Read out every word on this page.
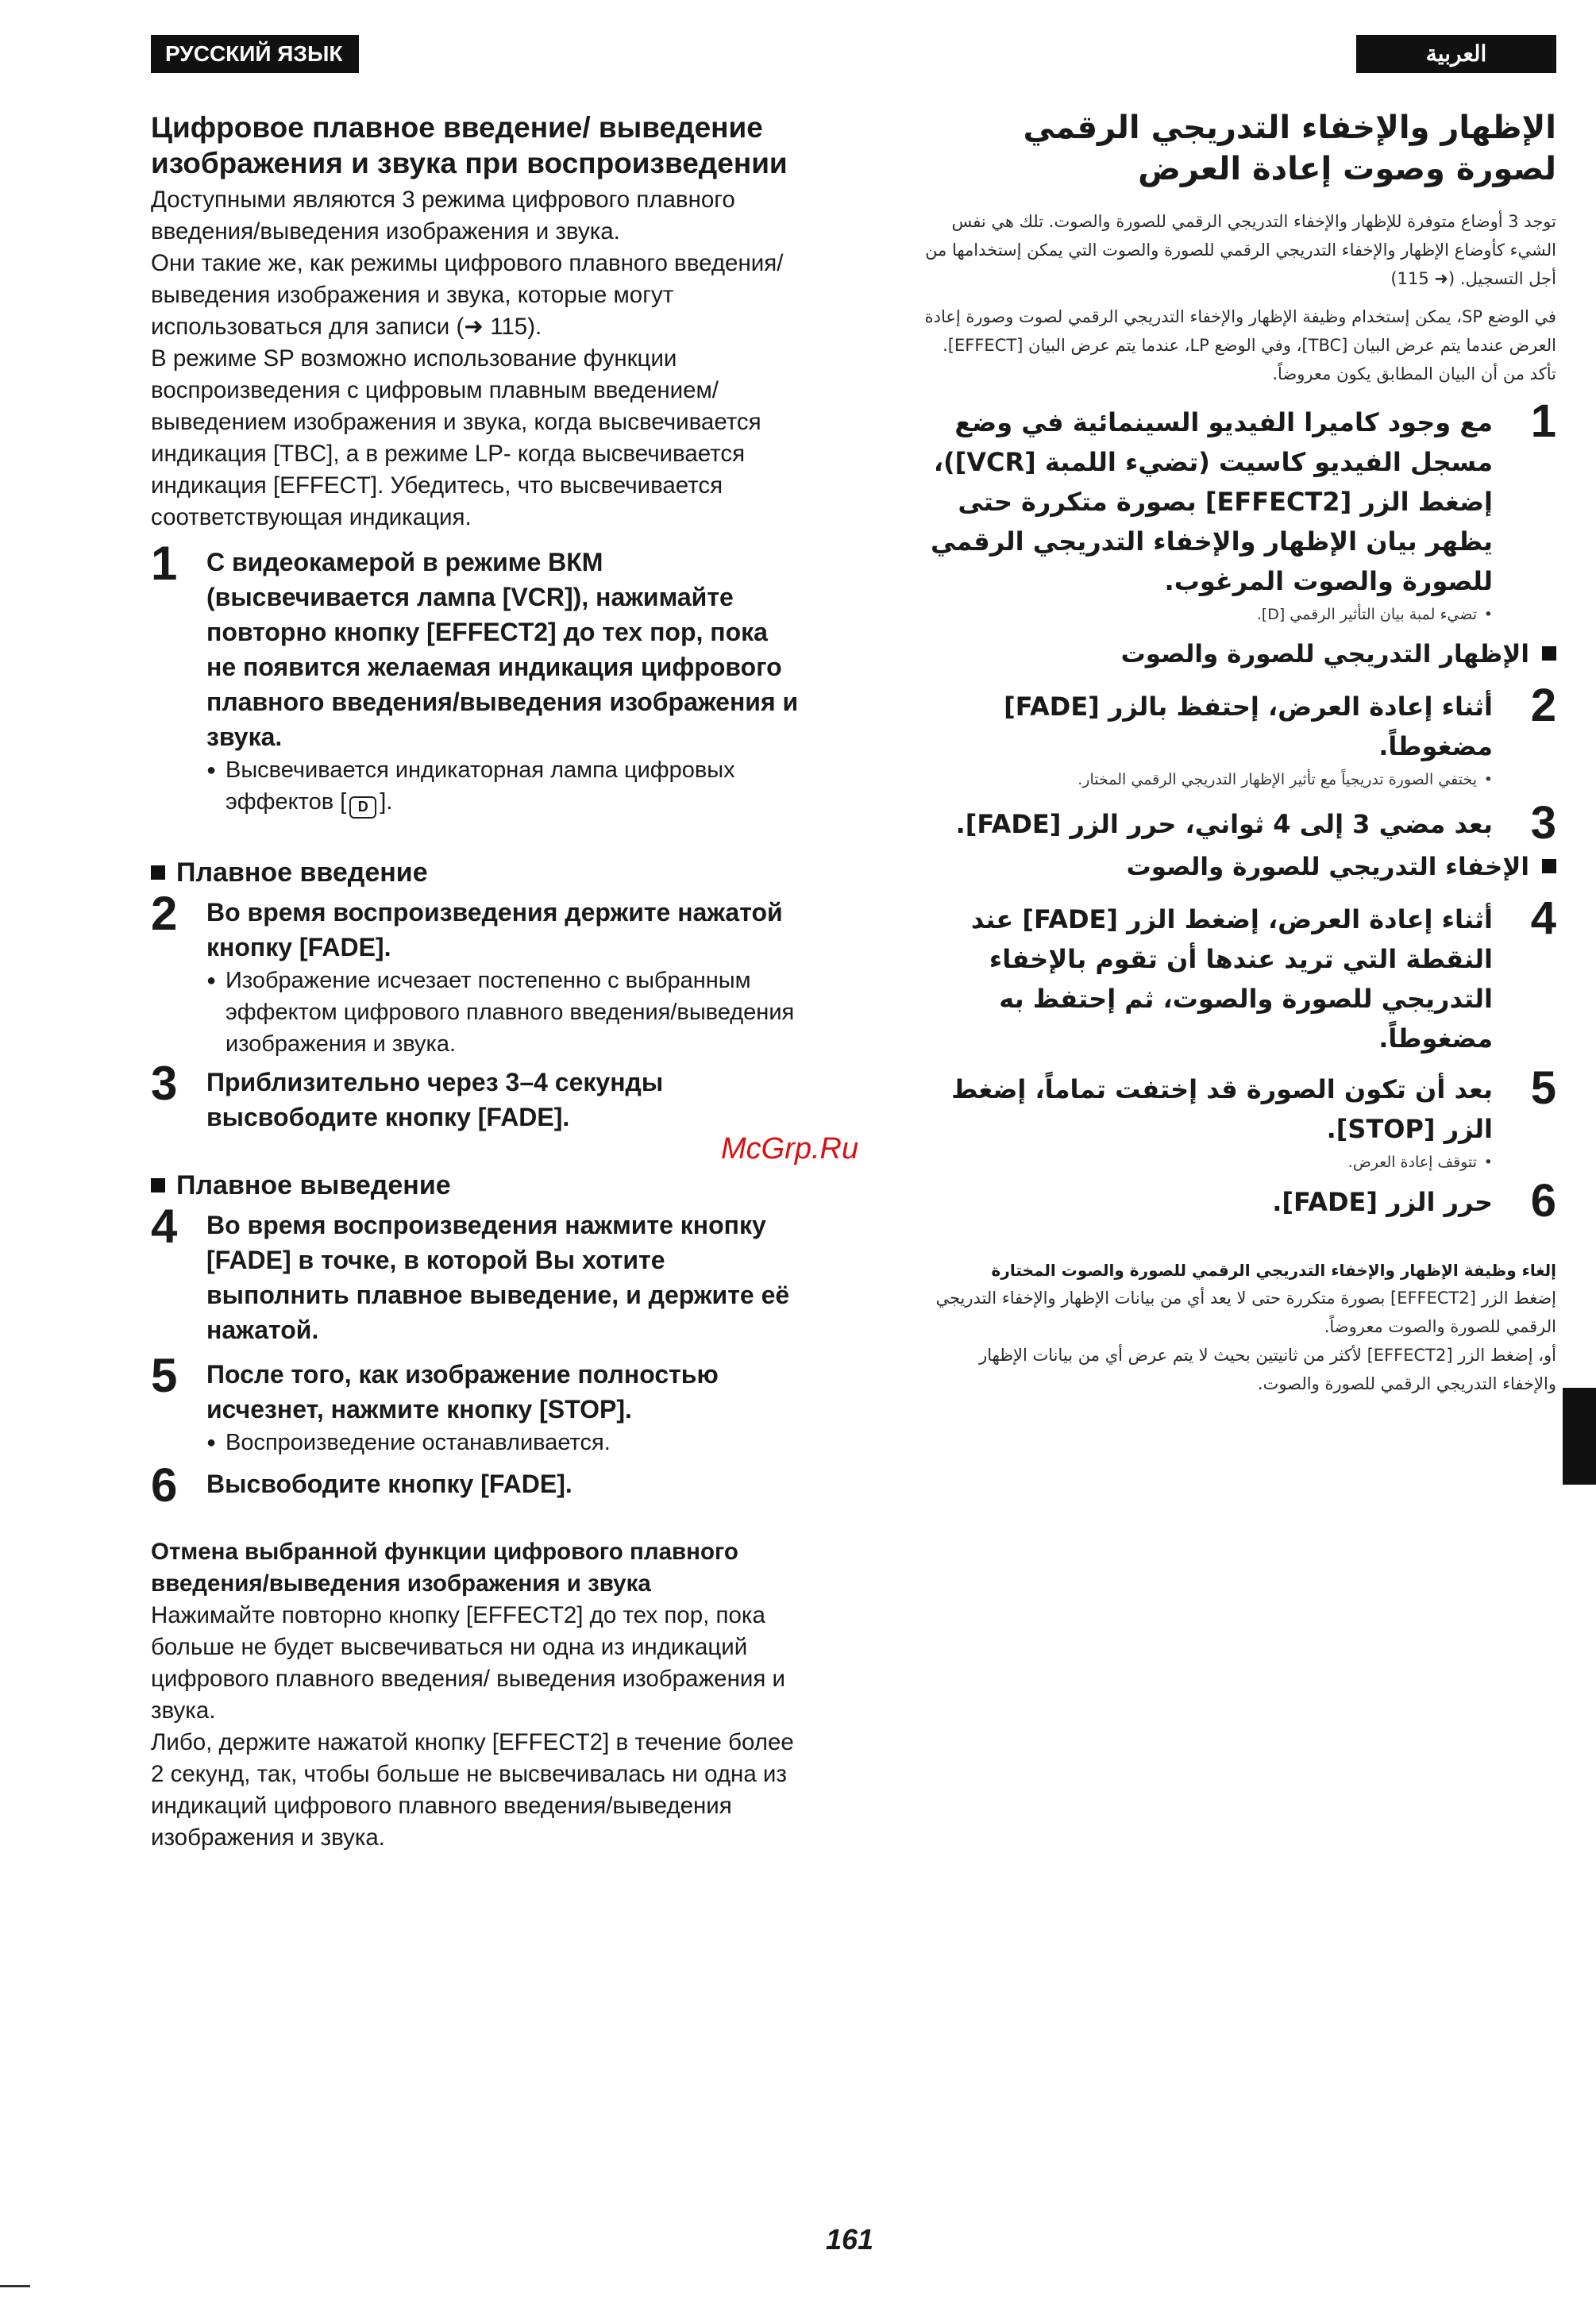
РУССКИЙ ЯЗЫК	العربية
Цифровое плавное введение/ выведение изображения и звука при воспроизведении

Доступными являются 3 режима цифрового плавного введения/выведения изображения и звука.

Они такие же, как режимы цифрового плавного введения/выведения изображения и звука, которые могут использоваться для записи (➜ 115).

В режиме SP возможно использование функции воспроизведения с цифровым плавным введением/ выведением изображения и звука, когда высвечивается индикация [TBC], а в режиме LP- когда высвечивается индикация [EFFECT]. Убедитесь, что высвечивается соответствующая индикация.

1 С видеокамерой в режиме ВКМ (высвечивается лампа [VCR]), нажимайте повторно кнопку [EFFECT2] до тех пор, пока не появится желаемая индикация цифрового плавного введения/выведения изображения и звука.
● Высвечивается индикаторная лампа цифровых эффектов [ D ].

Плавное введение

2 Во время воспроизведения держите нажатой кнопку [FADE].
● Изображение исчезает постепенно с выбранным эффектом цифрового плавного введения/выведения изображения и звука.
3 Приблизительно через 3–4 секунды высвободите кнопку [FADE].

Плавное выведение

4 Во время воспроизведения нажмите кнопку [FADE] в точке, в которой Вы хотите выполнить плавное выведение, и держите её нажатой.
5 После того, как изображение полностью исчезнет, нажмите кнопку [STOP].
● Воспроизведение останавливается.
6 Высвободите кнопку [FADE].

Отмена выбранной функции цифрового плавного введения/выведения изображения и звука

Нажимайте повторно кнопку [EFFECT2] до тех пор, пока больше не будет высвечиваться ни одна из индикаций цифрового плавного введения/ выведения изображения и звука.

Либо, держите нажатой кнопку [EFFECT2] в течение более 2 секунд, так, чтобы больше не высвечивалась ни одна из индикаций цифрового плавного введения/выведения изображения и звука.

الإظهار والإخفاء التدريجي الرقمي لصورة وصوت إعادة العرض

توجد 3 أوضاع متوفرة للإظهار والإخفاء التدريجي الرقمي للصورة والصوت. تلك هي نفس الشيء كأوضاع الإظهار والإخفاء التدريجي الرقمي للصورة والصوت التي يمكن إستخدامها من أجل التسجيل. (➜ 115)

في الوضع SP، يمكن إستخدام وظيفة الإظهار والإخفاء التدريجي الرقمي لصوت وصورة إعادة العرض عندما يتم عرض البيان [TBC]، وفي الوضع LP، عندما يتم عرض البيان [EFFECT]. تأكد من أن البيان المطابق يكون معروضاً.

1
مع وجود كاميرا الفيديو السينمائية في وضع مسجل الفيديو كاسيت (تضيء اللمبة [VCR])، إضغط الزر [EFFECT2] بصورة متكررة حتى يظهر بيان الإظهار والإخفاء التدريجي الرقمي للصورة والصوت المرغوب.
• تضيء لمبة بيان التأثير الرقمي [D].

الإظهار التدريجي للصورة والصوت

2
أثناء إعادة العرض، إحتفظ بالزر [FADE] مضغوطاً.
• يختفي الصورة تدريجياً مع تأثير الإظهار التدريجي الرقمي المختار.
3
بعد مضي 3 إلى 4 ثواني، حرر الزر [FADE].

الإخفاء التدريجي للصورة والصوت

4
أثناء إعادة العرض، إضغط الزر [FADE] عند النقطة التي تريد عندها أن تقوم بالإخفاء التدريجي للصورة والصوت، ثم إحتفظ به مضغوطاً.
5
بعد أن تكون الصورة قد إختفت تماماً، إضغط الزر [STOP].
• تتوقف إعادة العرض.
6
حرر الزر [FADE].

إلغاء وظيفة الإظهار والإخفاء التدريجي الرقمي للصورة والصوت المختارة

إضغط الزر [EFFECT2] بصورة متكررة حتى لا يعد أي من بيانات الإظهار والإخفاء التدريجي الرقمي للصورة والصوت معروضاً.

أو، إضغط الزر [EFFECT2] لأكثر من ثانيتين بحيث لا يتم عرض أي من بيانات الإظهار والإخفاء التدريجي الرقمي للصورة والصوت.

McGrp.Ru
161
